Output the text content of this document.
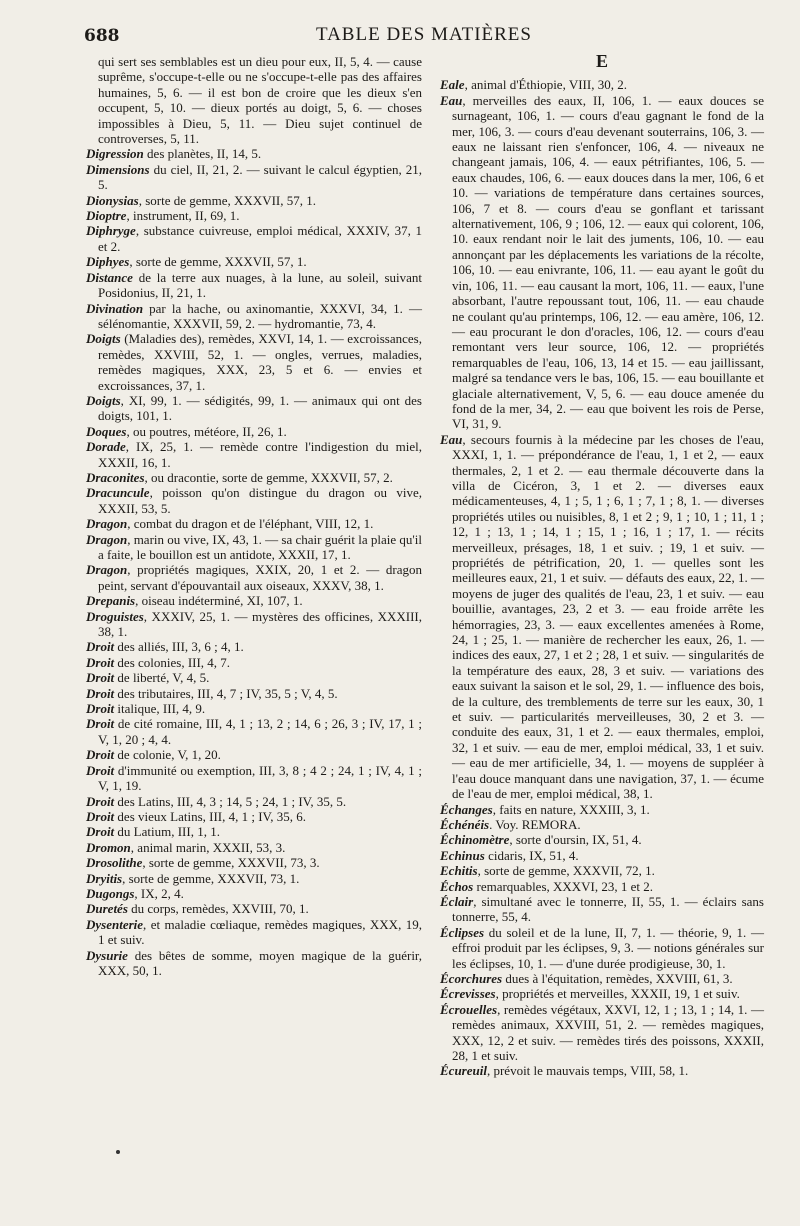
688	TABLE DES MATIÈRES

qui sert ses semblables est un dieu pour eux, II, 5, 4. — cause suprême, s'occupe-t-elle ou ne s'occupe-t-elle pas des affaires humaines, 5, 6. — il est bon de croire que les dieux s'en occupent, 5, 10. — dieux portés au doigt, 5, 6. — choses impossibles à Dieu, 5, 11. — Dieu sujet continuel de controverses, 5, 11.

Digression des planètes, II, 14, 5.

Dimensions du ciel, II, 21, 2. — suivant le calcul égyptien, 21, 5.

Dionysias, sorte de gemme, XXXVII, 57, 1.

Dioptre, instrument, II, 69, 1.

Diphryge, substance cuivreuse, emploi médical, XXXIV, 37, 1 et 2.

Diphyes, sorte de gemme, XXXVII, 57, 1.

Distance de la terre aux nuages, à la lune, au soleil, suivant Posidonius, II, 21, 1.

Divination par la hache, ou axinomantie, XXXVI, 34, 1. — sélénomantie, XXXVII, 59, 2. — hydromantie, 73, 4.

Doigts (Maladies des), remèdes, XXVI, 14, 1. — excroissances, remèdes, XXVIII, 52, 1. — ongles, verrues, maladies, remèdes magiques, XXX, 23, 5 et 6. — envies et excroissances, 37, 1.

Doigts, XI, 99, 1. — sédigités, 99, 1. — animaux qui ont des doigts, 101, 1.

Doques, ou poutres, météore, II, 26, 1.

Dorade, IX, 25, 1. — remède contre l'indigestion du miel, XXXII, 16, 1.

Draconites, ou dracontie, sorte de gemme, XXXVII, 57, 2.

Dracuncule, poisson qu'on distingue du dragon ou vive, XXXII, 53, 5.

Dragon, combat du dragon et de l'éléphant, VIII, 12, 1.

Dragon, marin ou vive, IX, 43, 1. — sa chair guérit la plaie qu'il a faite, le bouillon est un antidote, XXXII, 17, 1.

Dragon, propriétés magiques, XXIX, 20, 1 et 2. — dragon peint, servant d'épouvantail aux oiseaux, XXXV, 38, 1.

Drepanis, oiseau indéterminé, XI, 107, 1.

Droguistes, XXXIV, 25, 1. — mystères des officines, XXXIII, 38, 1.

Droit des alliés, III, 3, 6 ; 4, 1.

Droit des colonies, III, 4, 7.

Droit de liberté, V, 4, 5.

Droit des tributaires, III, 4, 7 ; IV, 35, 5 ; V, 4, 5.

Droit italique, III, 4, 9.

Droit de cité romaine, III, 4, 1 ; 13, 2 ; 14, 6 ; 26, 3 ; IV, 17, 1 ; V, 1, 20 ; 4, 4.

Droit de colonie, V, 1, 20.

Droit d'immunité ou exemption, III, 3, 8 ; 4 2 ; 24, 1 ; IV, 4, 1 ; V, 1, 19.

Droit des Latins, III, 4, 3 ; 14, 5 ; 24, 1 ; IV, 35, 5.

Droit des vieux Latins, III, 4, 1 ; IV, 35, 6.

Droit du Latium, III, 1, 1.

Dromon, animal marin, XXXII, 53, 3.

Drosolithe, sorte de gemme, XXXVII, 73, 3.

Dryitis, sorte de gemme, XXXVII, 73, 1.

Dugongs, IX, 2, 4.

Duretés du corps, remèdes, XXVIII, 70, 1.

Dysenterie, et maladie cœliaque, remèdes magiques, XXX, 19, 1 et suiv.

Dysurie des bêtes de somme, moyen magique de la guérir, XXX, 50, 1.

E

Eale, animal d'Éthiopie, VIII, 30, 2.

Eau, merveilles des eaux, II, 106, 1. — eaux douces se surnageant, 106, 1. — cours d'eau gagnant le fond de la mer, 106, 3. — cours d'eau devenant souterrains, 106, 3. — eaux ne laissant rien s'enfoncer, 106, 4. — niveaux ne changeant jamais, 106, 4. — eaux pétrifiantes, 106, 5. — eaux chaudes, 106, 6. — eaux douces dans la mer, 106, 6 et 10. — variations de température dans certaines sources, 106, 7 et 8. — cours d'eau se gonflant et tarissant alternativement, 106, 9 ; 106, 12. — eaux qui colorent, 106, 10. eaux rendant noir le lait des juments, 106, 10. — eau annonçant par les déplacements les variations de la récolte, 106, 10. — eau enivrante, 106, 11. — eau ayant le goût du vin, 106, 11. — eau causant la mort, 106, 11. — eaux, l'une absorbant, l'autre repoussant tout, 106, 11. — eau chaude ne coulant qu'au printemps, 106, 12. — eau amère, 106, 12. — eau procurant le don d'oracles, 106, 12. — cours d'eau remontant vers leur source, 106, 12. — propriétés remarquables de l'eau, 106, 13, 14 et 15. — eau jaillissant, malgré sa tendance vers le bas, 106, 15. — eau bouillante et glaciale alternativement, V, 5, 6. — eau douce amenée du fond de la mer, 34, 2. — eau que boivent les rois de Perse, VI, 31, 9.

Eau, secours fournis à la médecine par les choses de l'eau, XXXI, 1, 1. — prépondérance de l'eau, 1, 1 et 2, — eaux thermales, 2, 1 et 2. — eau thermale découverte dans la villa de Cicéron, 3, 1 et 2. — diverses eaux médicamenteuses, 4, 1 ; 5, 1 ; 6, 1 ; 7, 1 ; 8, 1. — diverses propriétés utiles ou nuisibles, 8, 1 et 2 ; 9, 1 ; 10, 1 ; 11, 1 ; 12, 1 ; 13, 1 ; 14, 1 ; 15, 1 ; 16, 1 ; 17, 1. — récits merveilleux, présages, 18, 1 et suiv. ; 19, 1 et suiv. — propriétés de pétrification, 20, 1. — quelles sont les meilleures eaux, 21, 1 et suiv. — défauts des eaux, 22, 1. — moyens de juger des qualités de l'eau, 23, 1 et suiv. — eau bouillie, avantages, 23, 2 et 3. — eau froide arrête les hémorragies, 23, 3. — eaux excellentes amenées à Rome, 24, 1 ; 25, 1. — manière de rechercher les eaux, 26, 1. — indices des eaux, 27, 1 et 2 ; 28, 1 et suiv. — singularités de la température des eaux, 28, 3 et suiv. — variations des eaux suivant la saison et le sol, 29, 1. — influence des bois, de la culture, des tremblements de terre sur les eaux, 30, 1 et suiv. — particularités merveilleuses, 30, 2 et 3. — conduite des eaux, 31, 1 et 2. — eaux thermales, emploi, 32, 1 et suiv. — eau de mer, emploi médical, 33, 1 et suiv. — eau de mer artificielle, 34, 1. — moyens de suppléer à l'eau douce manquant dans une navigation, 37, 1. — écume de l'eau de mer, emploi médical, 38, 1.

Échanges, faits en nature, XXXIII, 3, 1.

Échénéis. Voy. REMORA.

Échinomètre, sorte d'oursin, IX, 51, 4.

Echinus cidaris, IX, 51, 4.

Echitis, sorte de gemme, XXXVII, 72, 1.

Échos remarquables, XXXVI, 23, 1 et 2.

Éclair, simultané avec le tonnerre, II, 55, 1. — éclairs sans tonnerre, 55, 4.

Éclipses du soleil et de la lune, II, 7, 1. — théorie, 9, 1. — effroi produit par les éclipses, 9, 3. — notions générales sur les éclipses, 10, 1. — d'une durée prodigieuse, 30, 1.

Écorchures dues à l'équitation, remèdes, XXVIII, 61, 3.

Écrevisses, propriétés et merveilles, XXXII, 19, 1 et suiv.

Écrouelles, remèdes végétaux, XXVI, 12, 1 ; 13, 1 ; 14, 1. — remèdes animaux, XXVIII, 51, 2. — remèdes magiques, XXX, 12, 2 et suiv. — remèdes tirés des poissons, XXXII, 28, 1 et suiv.

Écureuil, prévoit le mauvais temps, VIII, 58, 1.
